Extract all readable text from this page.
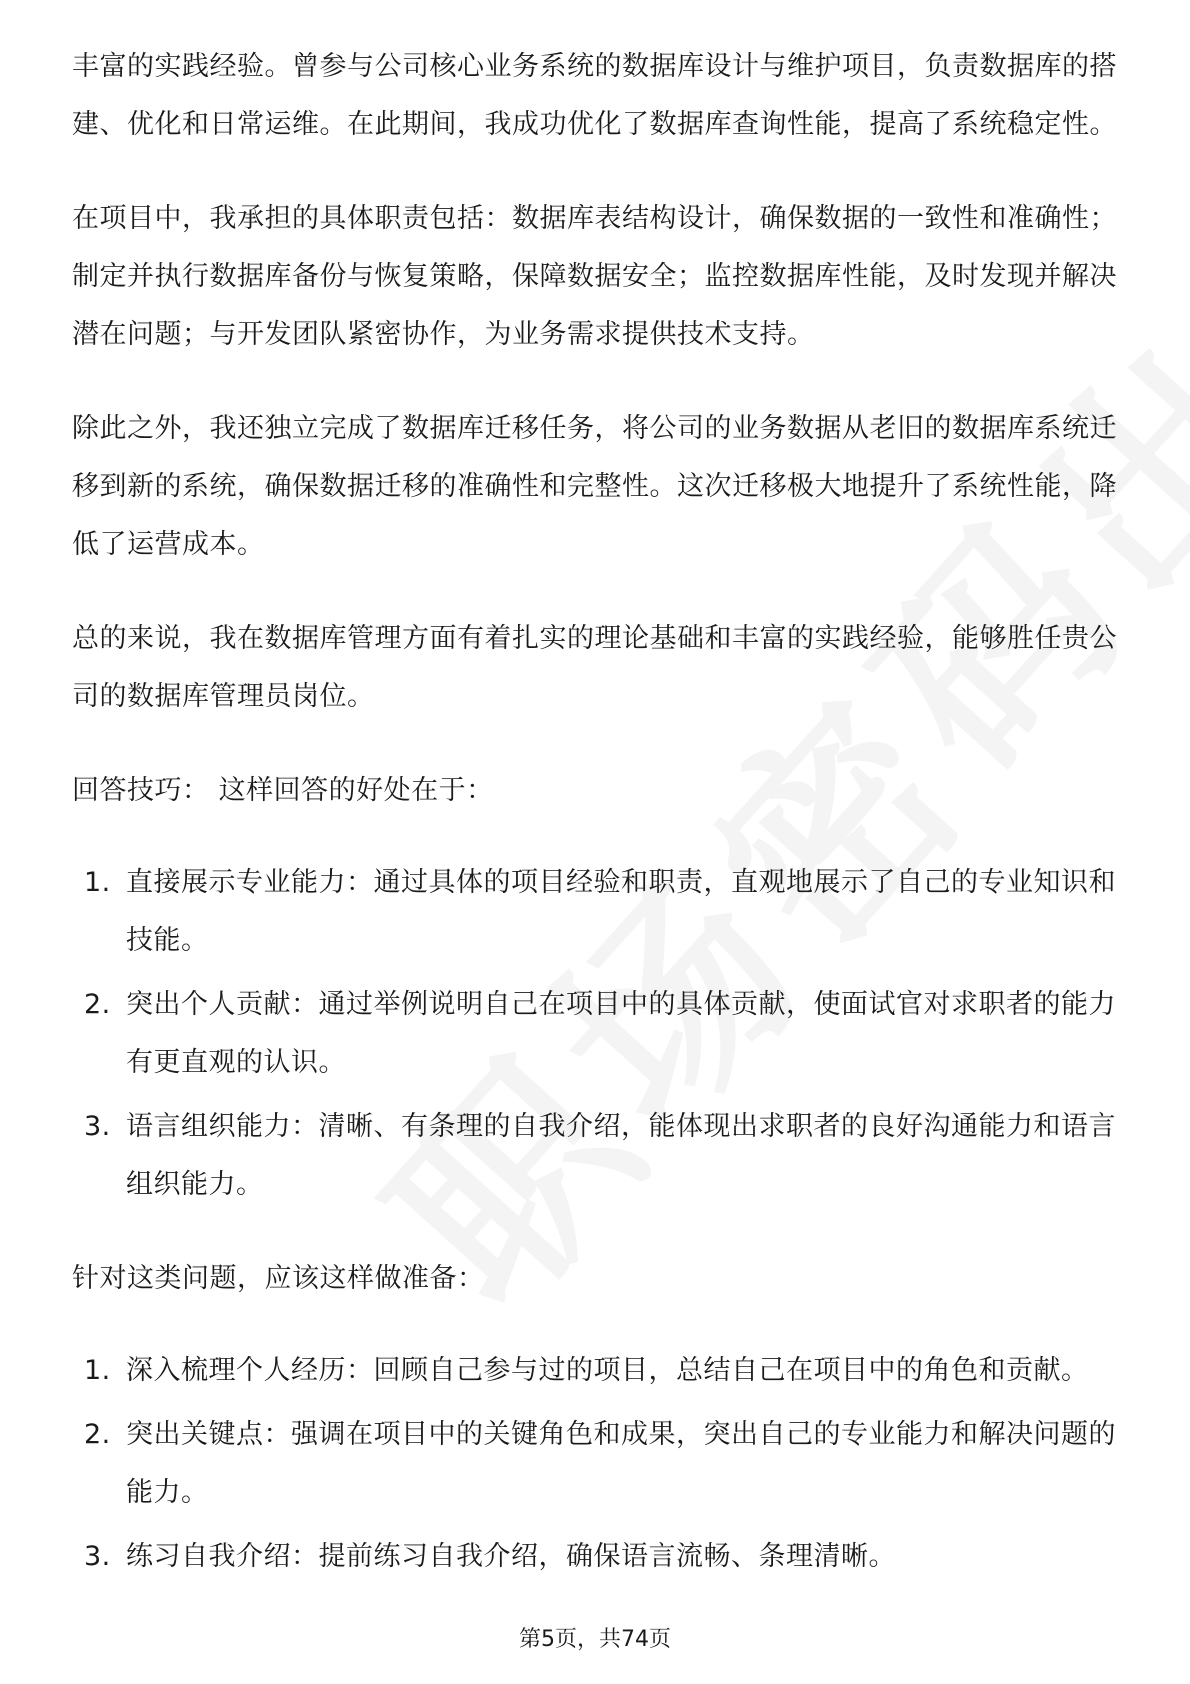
丰富的实践经验。曾参与公司核心业务系统的数据库设计与维护项目，负责数据库的搭建、优化和日常运维。在此期间，我成功优化了数据库查询性能，提高了系统稳定性。

在项目中，我承担的具体职责包括：数据库表结构设计，确保数据的一致性和准确性；制定并执行数据库备份与恢复策略，保障数据安全；监控数据库性能，及时发现并解决潜在问题；与开发团队紧密协作，为业务需求提供技术支持。

除此之外，我还独立完成了数据库迁移任务，将公司的业务数据从老旧的数据库系统迁移到新的系统，确保数据迁移的准确性和完整性。这次迁移极大地提升了系统性能，降低了运营成本。

总的来说，我在数据库管理方面有着扎实的理论基础和丰富的实践经验，能够胜任贵公司的数据库管理员岗位。

回答技巧： 这样回答的好处在于：

1. 直接展示专业能力：通过具体的项目经验和职责，直观地展示了自己的专业知识和技能。
2. 突出个人贡献：通过举例说明自己在项目中的具体贡献，使面试官对求职者的能力有更直观的认识。
3. 语言组织能力：清晰、有条理的自我介绍，能体现出求职者的良好沟通能力和语言组织能力。

针对这类问题，应该这样做准备：

1. 深入梳理个人经历：回顾自己参与过的项目，总结自己在项目中的角色和贡献。
2. 突出关键点：强调在项目中的关键角色和成果，突出自己的专业能力和解决问题的能力。
3. 练习自我介绍：提前练习自我介绍，确保语言流畅、条理清晰。
第5页，共74页
